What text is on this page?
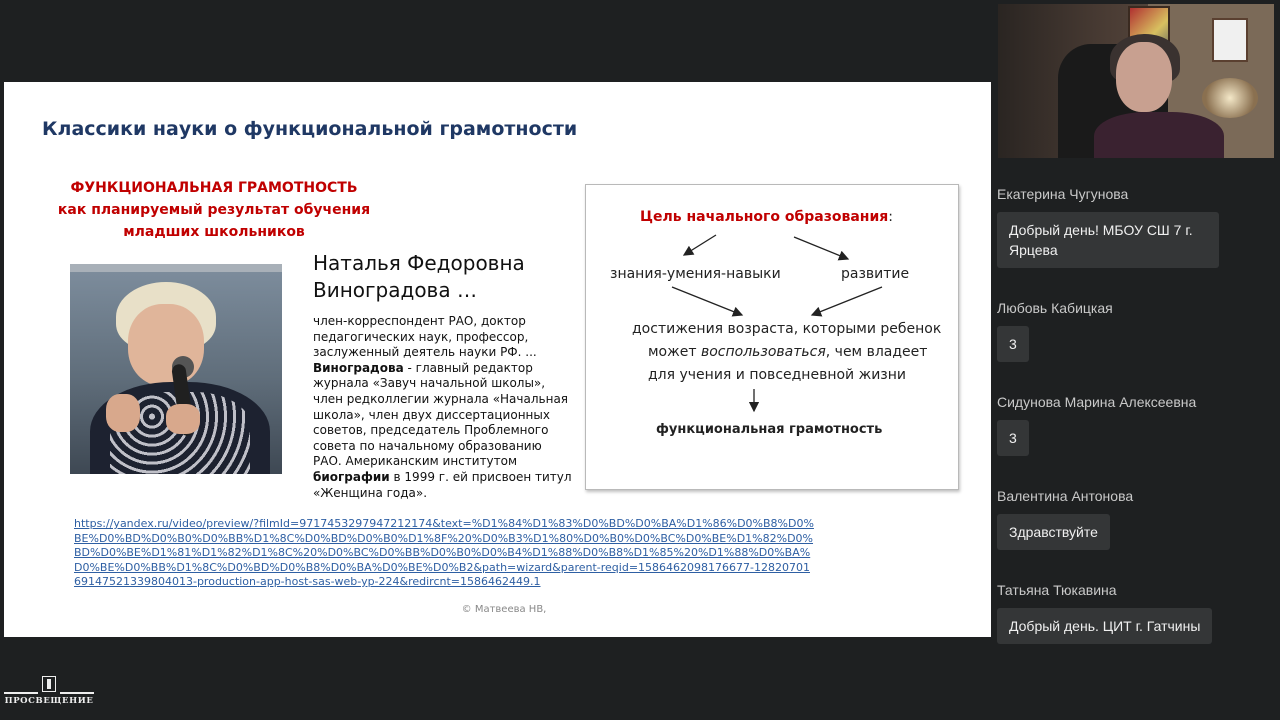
Классики науки о функциональной грамотности
ФУНКЦИОНАЛЬНАЯ ГРАМОТНОСТЬ
как планируемый результат обучения
младших школьников
Наталья Федоровна
Виноградова …
член-корреспондент РАО, доктор педагогических наук, профессор, заслуженный деятель науки РФ. ... Виноградова - главный редактор журнала «Завуч начальной школы», член редколлегии журнала «Начальная школа», член двух диссертационных советов, председатель Проблемного совета по начальному образованию РАО. Американским институтом биографии в 1999 г. ей присвоен титул «Женщина года».
Цель начального образования:
знания-умения-навыки	развитие
достижения возраста, которыми ребенок
может воспользоваться, чем владеет
для учения и повседневной жизни
функциональная грамотность
https://yandex.ru/video/preview/?filmId=9717453297947212174&text=%D1%84%D1%83%D0%BD%D0%BA%D1%86%D0%B8%D0%BE%D0%BD%D0%B0%D0%BB%D1%8C%D0%BD%D0%B0%D1%8F%20%D0%B3%D1%80%D0%B0%D0%BC%D0%BE%D1%82%D0%BD%D0%BE%D1%81%D1%82%D1%8C%20%D0%BC%D0%BB%D0%B0%D0%B4%D1%88%D0%B8%D1%85%20%D1%88%D0%BA%D0%BE%D0%BB%D1%8C%D0%BD%D0%B8%D0%BA%D0%BE%D0%B2&path=wizard&parent-reqid=1586462098176677-1282070169147521339804013-production-app-host-sas-web-yp-224&redircnt=1586462449.1
© Матвеева НВ,
Екатерина Чугунова
Добрый день! МБОУ СШ 7 г. Ярцева
Любовь Кабицкая
3
Сидунова Марина Алексеевна
3
Валентина Антонова
Здравствуйте
Татьяна Тюкавина
Добрый день. ЦИТ г. Гатчины
ПРОСВЕЩЕНИЕ
